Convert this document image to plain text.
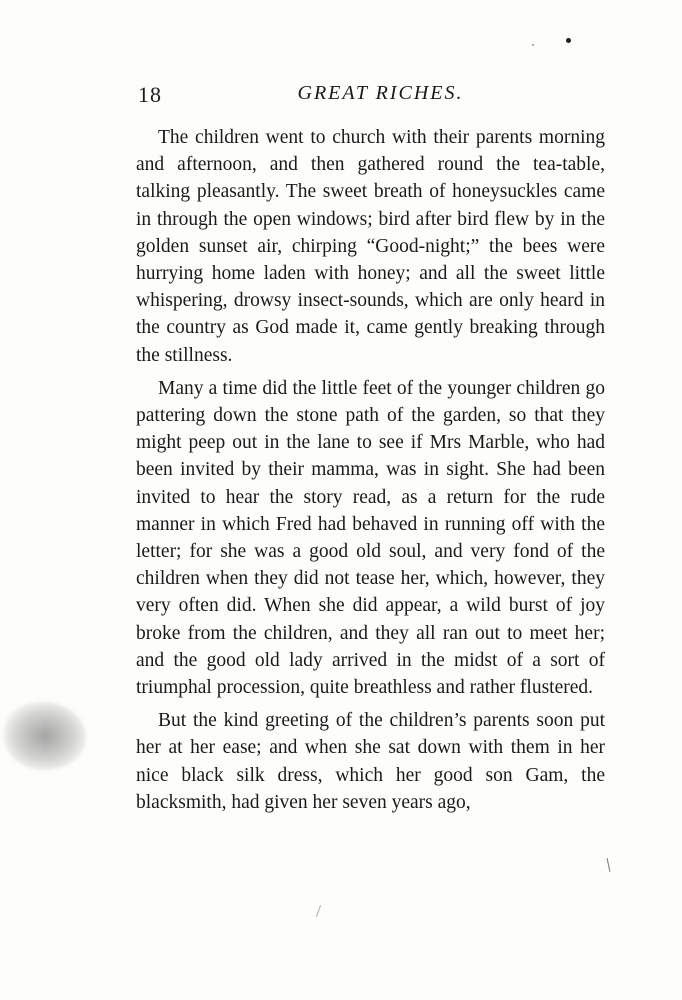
18	GREAT RICHES.

The children went to church with their parents morning and afternoon, and then gathered round the tea-table, talking pleasantly. The sweet breath of honeysuckles came in through the open windows; bird after bird flew by in the golden sunset air, chirping “Good-night;” the bees were hurrying home laden with honey; and all the sweet little whispering, drowsy insect-sounds, which are only heard in the country as God made it, came gently breaking through the stillness.

Many a time did the little feet of the younger children go pattering down the stone path of the garden, so that they might peep out in the lane to see if Mrs Marble, who had been invited by their mamma, was in sight. She had been invited to hear the story read, as a return for the rude manner in which Fred had behaved in running off with the letter; for she was a good old soul, and very fond of the children when they did not tease her, which, however, they very often did. When she did appear, a wild burst of joy broke from the children, and they all ran out to meet her; and the good old lady arrived in the midst of a sort of triumphal procession, quite breathless and rather flustered.

But the kind greeting of the children’s parents soon put her at her ease; and when she sat down with them in her nice black silk dress, which her good son Gam, the blacksmith, had given her seven years ago,
